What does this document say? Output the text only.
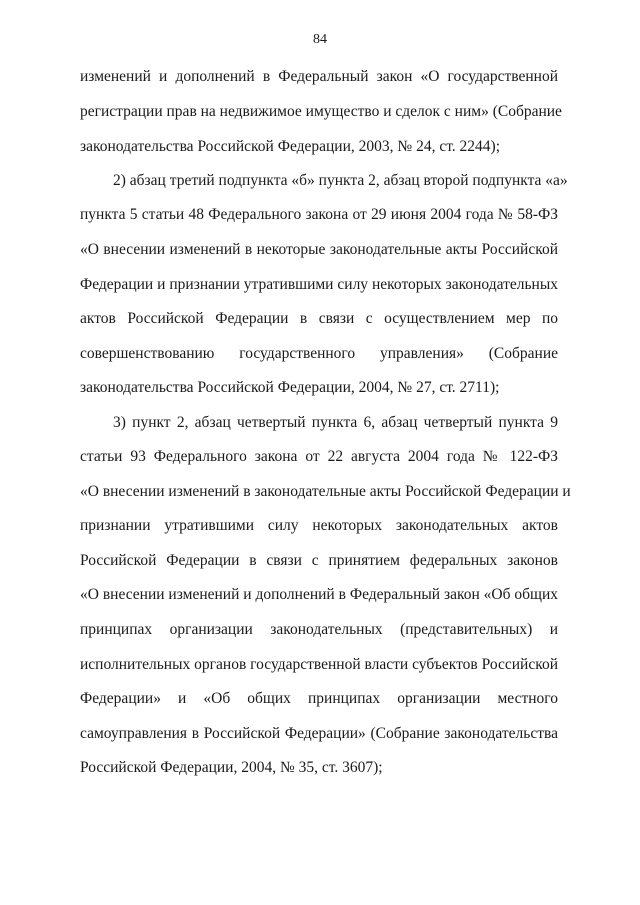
84
изменений и дополнений в Федеральный закон «О государственной
регистрации прав на недвижимое имущество и сделок с ним» (Собрание
законодательства Российской Федерации, 2003, № 24, ст. 2244);
2) абзац третий подпункта «б» пункта 2, абзац второй подпункта «а»
пункта 5 статьи 48 Федерального закона от 29 июня 2004 года № 58-ФЗ
«О внесении изменений в некоторые законодательные акты Российской
Федерации и признании утратившими силу некоторых законодательных
актов Российской Федерации в связи с осуществлением мер по
совершенствованию государственного управления» (Собрание
законодательства Российской Федерации, 2004, № 27, ст. 2711);
3) пункт 2, абзац четвертый пункта 6, абзац четвертый пункта 9
статьи 93 Федерального закона от 22 августа 2004 года № 122-ФЗ
«О внесении изменений в законодательные акты Российской Федерации и
признании утратившими силу некоторых законодательных актов
Российской Федерации в связи с принятием федеральных законов
«О внесении изменений и дополнений в Федеральный закон «Об общих
принципах организации законодательных (представительных) и
исполнительных органов государственной власти субъектов Российской
Федерации» и «Об общих принципах организации местного
самоуправления в Российской Федерации» (Собрание законодательства
Российской Федерации, 2004, № 35, ст. 3607);
